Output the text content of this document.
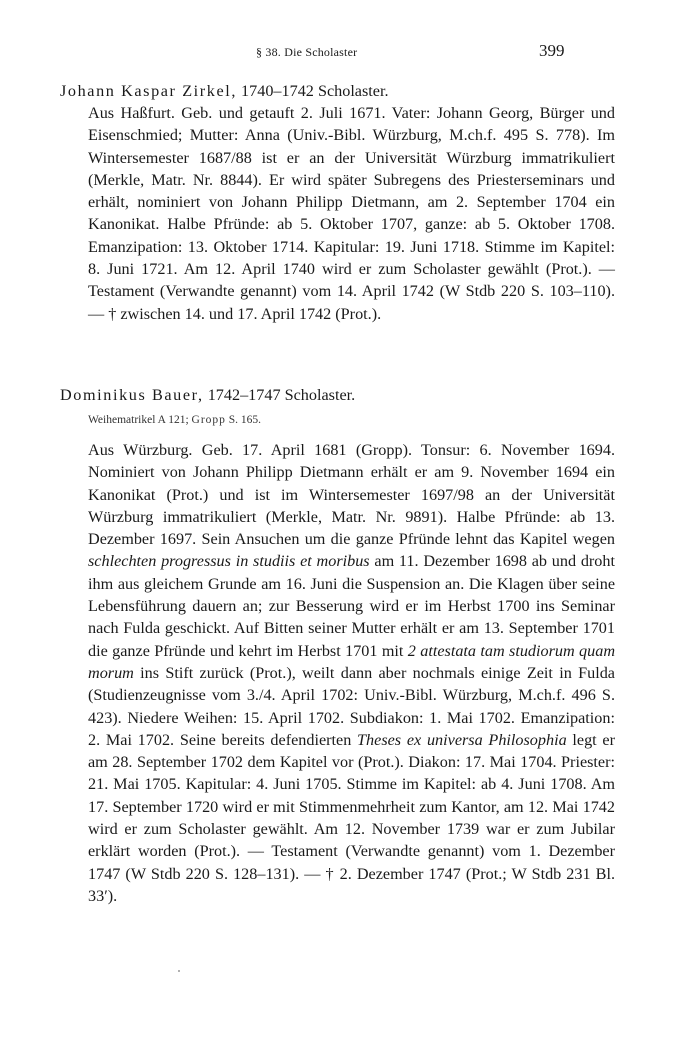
§ 38. Die Scholaster	399
Johann Kaspar Zirkel, 1740–1742 Scholaster.

Aus Haßfurt. Geb. und getauft 2. Juli 1671. Vater: Johann Georg, Bürger und Eisenschmied; Mutter: Anna (Univ.-Bibl. Würzburg, M.ch.f. 495 S. 778). Im Wintersemester 1687/88 ist er an der Universität Würzburg immatrikuliert (Merkle, Matr. Nr. 8844). Er wird später Subregens des Priesterseminars und erhält, nominiert von Johann Philipp Dietmann, am 2. September 1704 ein Kanonikat. Halbe Pfründe: ab 5. Oktober 1707, ganze: ab 5. Oktober 1708. Emanzipation: 13. Oktober 1714. Kapitular: 19. Juni 1718. Stimme im Kapitel: 8. Juni 1721. Am 12. April 1740 wird er zum Scholaster gewählt (Prot.). — Testament (Verwandte genannt) vom 14. April 1742 (W Stdb 220 S. 103–110). — † zwischen 14. und 17. April 1742 (Prot.).

Dominikus Bauer, 1742–1747 Scholaster.
Weihematrikel A 121; Gropp S. 165.

Aus Würzburg. Geb. 17. April 1681 (Gropp). Tonsur: 6. November 1694. Nominiert von Johann Philipp Dietmann erhält er am 9. November 1694 ein Kanonikat (Prot.) und ist im Wintersemester 1697/98 an der Universität Würzburg immatrikuliert (Merkle, Matr. Nr. 9891). Halbe Pfründe: ab 13. Dezember 1697. Sein Ansuchen um die ganze Pfründe lehnt das Kapitel wegen schlechten progressus in studiis et moribus am 11. Dezember 1698 ab und droht ihm aus gleichem Grunde am 16. Juni die Suspension an. Die Klagen über seine Lebensführung dauern an; zur Besserung wird er im Herbst 1700 ins Seminar nach Fulda geschickt. Auf Bitten seiner Mutter erhält er am 13. September 1701 die ganze Pfründe und kehrt im Herbst 1701 mit 2 attestata tam studiorum quam morum ins Stift zurück (Prot.), weilt dann aber nochmals einige Zeit in Fulda (Studienzeugnisse vom 3./4. April 1702: Univ.-Bibl. Würzburg, M.ch.f. 496 S. 423). Niedere Weihen: 15. April 1702. Subdiakon: 1. Mai 1702. Emanzipation: 2. Mai 1702. Seine bereits defendierten Theses ex universa Philosophia legt er am 28. September 1702 dem Kapitel vor (Prot.). Diakon: 17. Mai 1704. Priester: 21. Mai 1705. Kapitular: 4. Juni 1705. Stimme im Kapitel: ab 4. Juni 1708. Am 17. September 1720 wird er mit Stimmenmehrheit zum Kantor, am 12. Mai 1742 wird er zum Scholaster gewählt. Am 12. November 1739 war er zum Jubilar erklärt worden (Prot.). — Testament (Verwandte genannt) vom 1. Dezember 1747 (W Stdb 220 S. 128–131). — † 2. Dezember 1747 (Prot.; W Stdb 231 Bl. 33′).
